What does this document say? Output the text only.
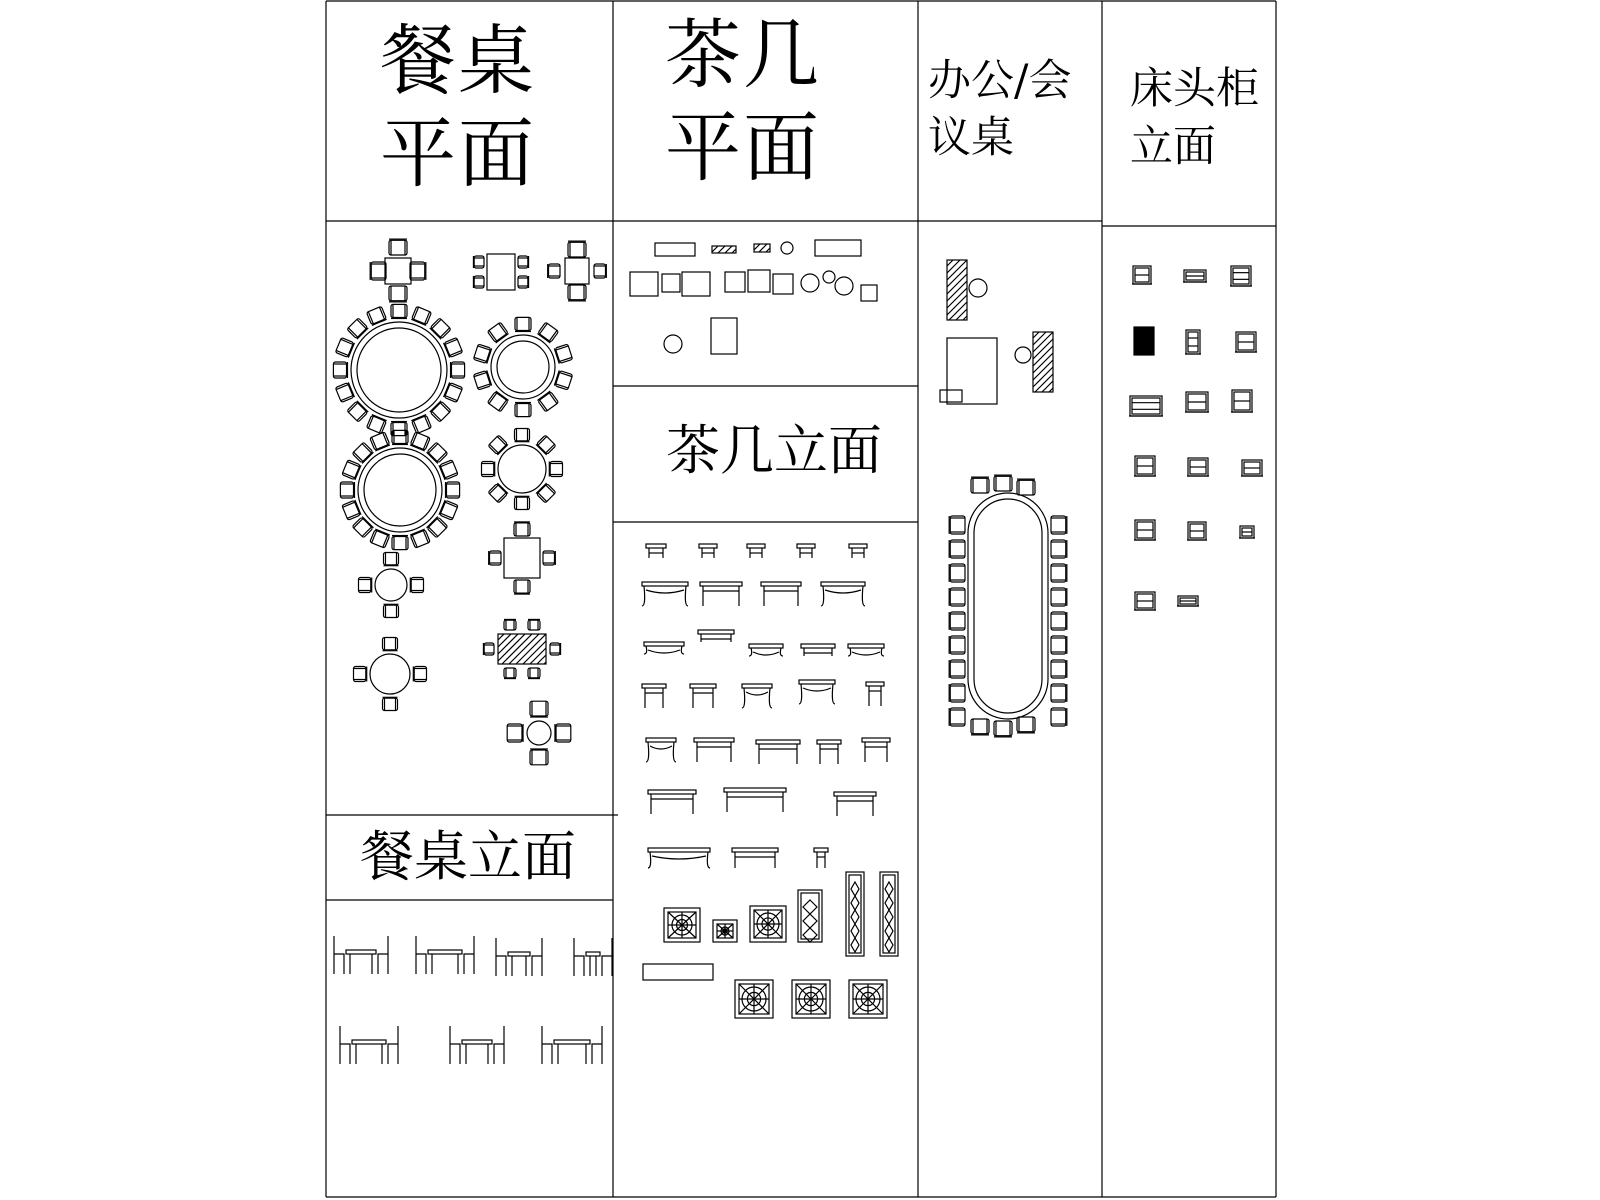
餐桌
平面
茶几
平面
办公/会
议桌
床头柜
立面
茶几立面
餐桌立面
